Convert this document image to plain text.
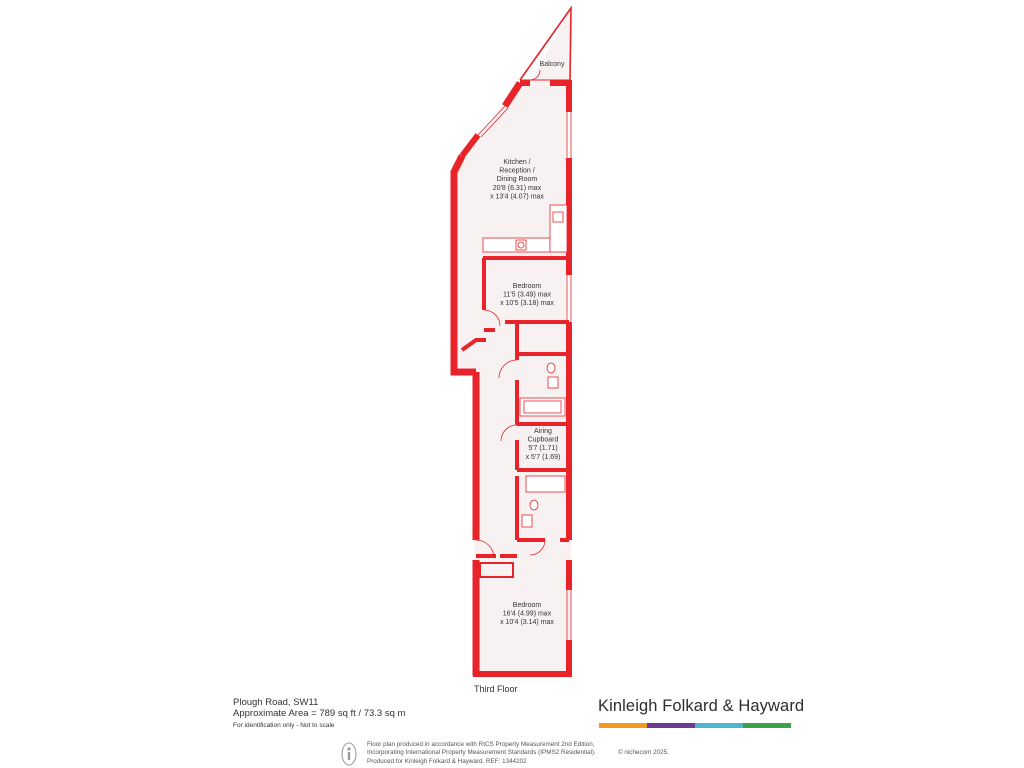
Balcony
Kitchen / Reception / Dining Room 20'8 (6.31) max x 13'4 (4.07) max
Bedroom 11'5 (3.49) max x 10'5 (3.18) max
Airing Cupboard 5'7 (1.71) x 5'7 (1.69)
Bedroom 16'4 (4.99) max x 10'4 (3.14) max
Third Floor
Plough Road, SW11
Approximate Area = 789 sq ft / 73.3 sq m
For identification only - Not to scale
Kinleigh Folkard & Hayward
Floor plan produced in accordance with RICS Property Measurement 2nd Edition,
Incorporating International Property Measurement Standards (IPMS2 Residential).
Produced for Kinleigh Folkard & Hayward. REF: 1344202
© nichecom 2025.
